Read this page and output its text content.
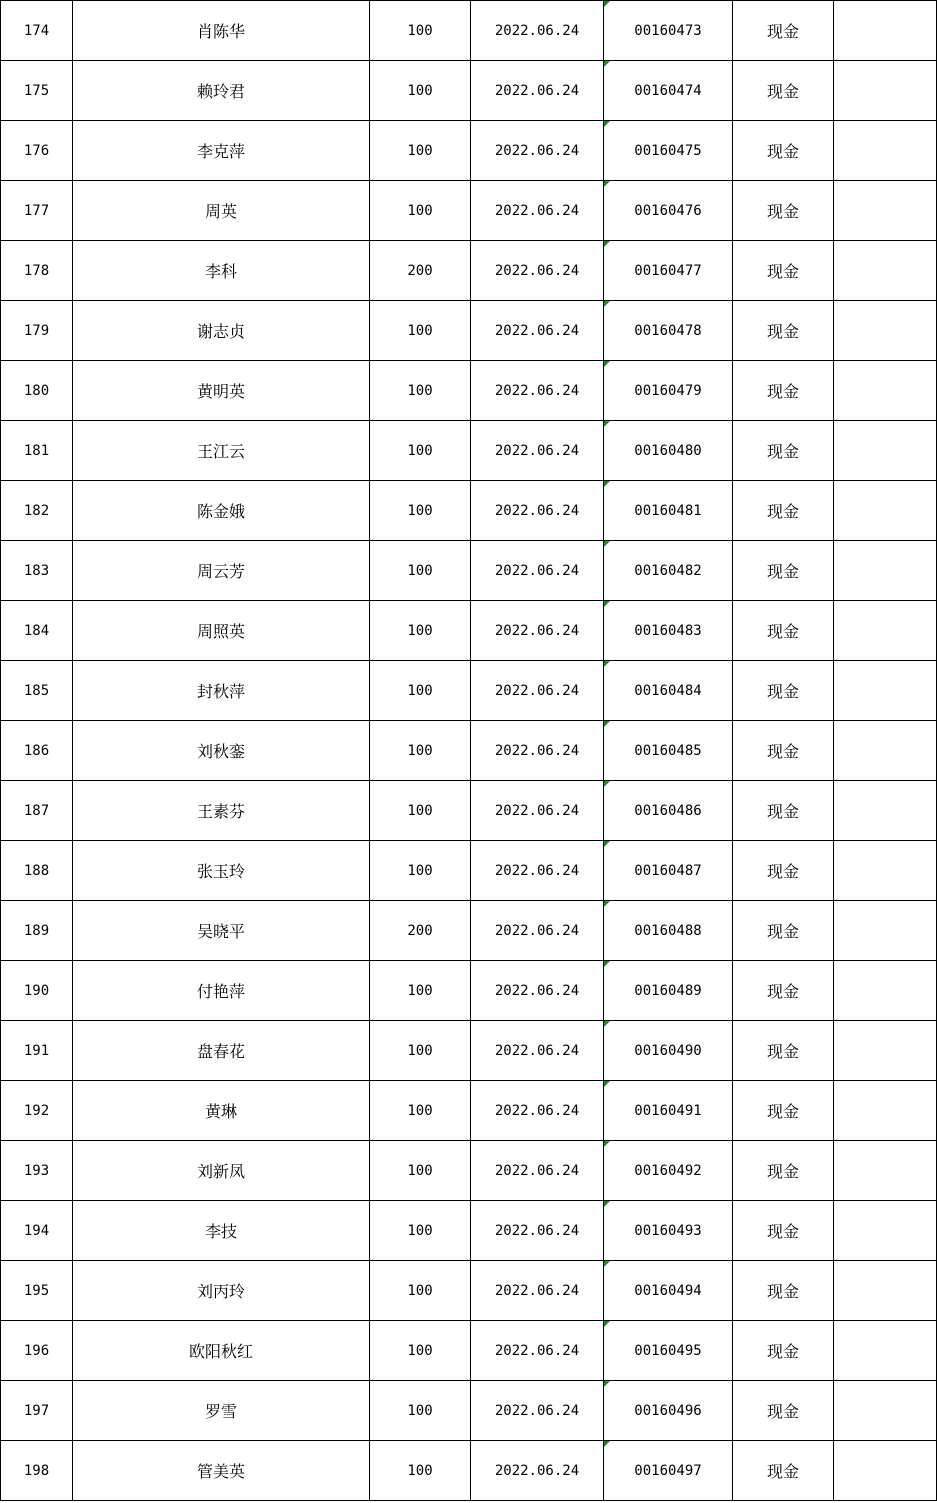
174	肖陈华	100	2022.06.24	00160473	现金	
175	赖玲君	100	2022.06.24	00160474	现金	
176	李克萍	100	2022.06.24	00160475	现金	
177	周英	100	2022.06.24	00160476	现金	
178	李科	200	2022.06.24	00160477	现金	
179	谢志贞	100	2022.06.24	00160478	现金	
180	黄明英	100	2022.06.24	00160479	现金	
181	王江云	100	2022.06.24	00160480	现金	
182	陈金娥	100	2022.06.24	00160481	现金	
183	周云芳	100	2022.06.24	00160482	现金	
184	周照英	100	2022.06.24	00160483	现金	
185	封秋萍	100	2022.06.24	00160484	现金	
186	刘秋銮	100	2022.06.24	00160485	现金	
187	王素芬	100	2022.06.24	00160486	现金	
188	张玉玲	100	2022.06.24	00160487	现金	
189	吴晓平	200	2022.06.24	00160488	现金	
190	付艳萍	100	2022.06.24	00160489	现金	
191	盘春花	100	2022.06.24	00160490	现金	
192	黄琳	100	2022.06.24	00160491	现金	
193	刘新凤	100	2022.06.24	00160492	现金	
194	李技	100	2022.06.24	00160493	现金	
195	刘丙玲	100	2022.06.24	00160494	现金	
196	欧阳秋红	100	2022.06.24	00160495	现金	
197	罗雪	100	2022.06.24	00160496	现金	
198	管美英	100	2022.06.24	00160497	现金	
